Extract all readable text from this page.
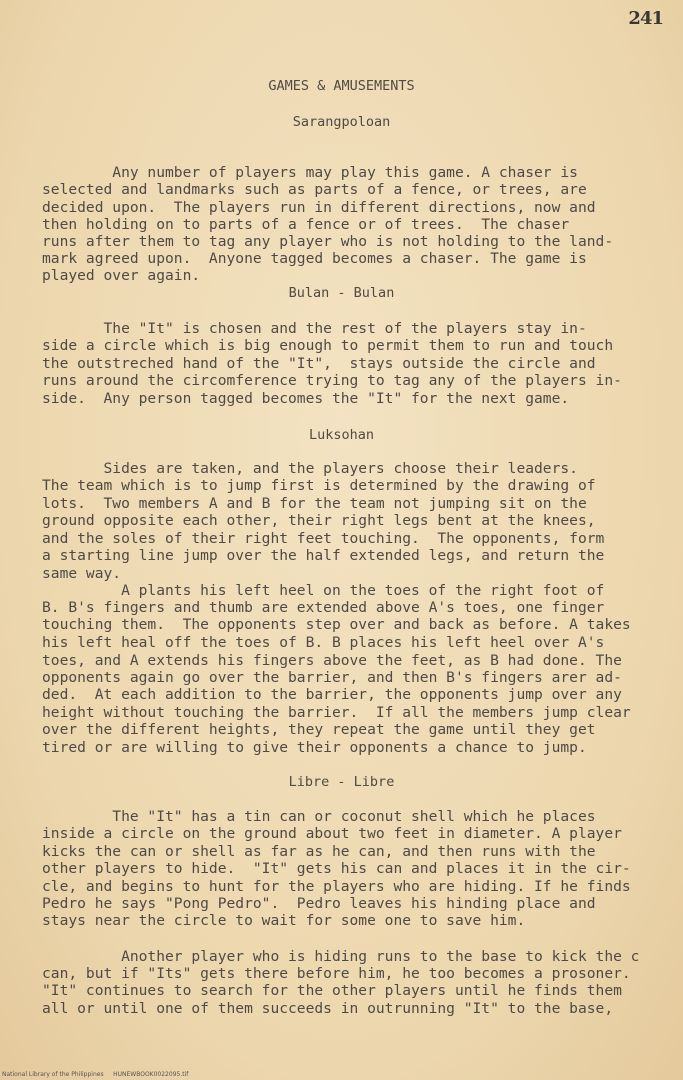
241
GAMES & AMUSEMENTS
Sarangpoloan
Any number of players may play this game. A chaser is
selected and landmarks such as parts of a fence, or trees, are
decided upon.  The players run in different directions, now and
then holding on to parts of a fence or of trees.  The chaser
runs after them to tag any player who is not holding to the land-
mark agreed upon.  Anyone tagged becomes a chaser. The game is
played over again.
Bulan - Bulan
The "It" is chosen and the rest of the players stay in-
side a circle which is big enough to permit them to run and touch
the outstreched hand of the "It",  stays outside the circle and
runs around the circomference trying to tag any of the players in-
side.  Any person tagged becomes the "It" for the next game.
Luksohan
Sides are taken, and the players choose their leaders.
The team which is to jump first is determined by the drawing of
lots.  Two members A and B for the team not jumping sit on the
ground opposite each other, their right legs bent at the knees,
and the soles of their right feet touching.  The opponents, form
a starting line jump over the half extended legs, and return the
same way.
A plants his left heel on the toes of the right foot of
B. B's fingers and thumb are extended above A's toes, one finger
touching them.  The opponents step over and back as before. A takes
his left heal off the toes of B. B places his left heel over A's
toes, and A extends his fingers above the feet, as B had done. The
opponents again go over the barrier, and then B's fingers arer ad-
ded.  At each addition to the barrier, the opponents jump over any
height without touching the barrier.  If all the members jump clear
over the different heights, they repeat the game until they get
tired or are willing to give their opponents a chance to jump.
Libre - Libre
The "It" has a tin can or coconut shell which he places
inside a circle on the ground about two feet in diameter. A player
kicks the can or shell as far as he can, and then runs with the
other players to hide.  "It" gets his can and places it in the cir-
cle, and begins to hunt for the players who are hiding. If he finds
Pedro he says "Pong Pedro".  Pedro leaves his hinding place and
stays near the circle to wait for some one to save him.
Another player who is hiding runs to the base to kick the c
can, but if "Its" gets there before him, he too becomes a prosoner.
"It" continues to search for the other players until he finds them
all or until one of them succeeds in outrunning "It" to the base,
National Library of the Philippines     HUNEWBOOK0022095.tif
